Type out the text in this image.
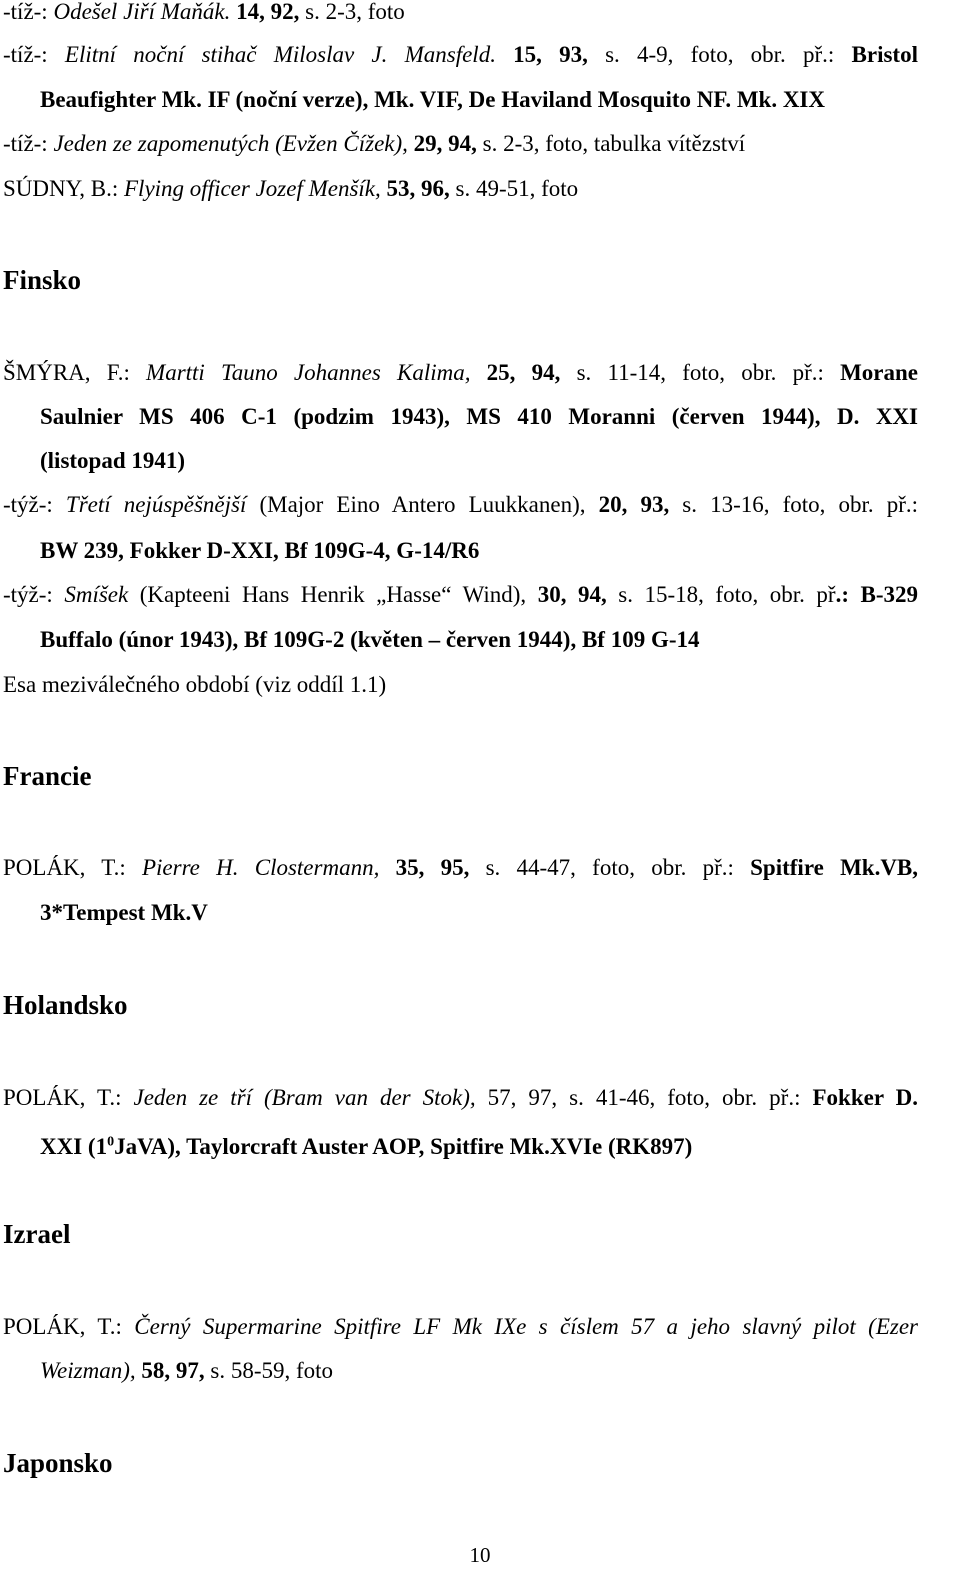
-tíž-: Odešel Jiří Maňák. 14, 92, s. 2-3, foto
-tíž-: Elitní noční stihač Miloslav J. Mansfeld. 15, 93, s. 4-9, foto, obr. př.: Bristol
Beaufighter Mk. IF (noční verze), Mk. VIF, De Haviland Mosquito NF. Mk. XIX
-tíž-: Jeden ze zapomenutých (Evžen Čížek), 29, 94, s. 2-3, foto, tabulka vítězství
SÚDNY, B.: Flying officer Jozef Menšík, 53, 96, s. 49-51, foto
Finsko
ŠMÝRA, F.: Martti Tauno Johannes Kalima, 25, 94, s. 11-14, foto, obr. př.: Morane
Saulnier MS 406 C-1 (podzim 1943), MS 410 Moranni (červen 1944), D. XXI
(listopad 1941)
-týž-: Třetí nejúspěšnější (Major Eino Antero Luukkanen), 20, 93, s. 13-16, foto, obr. př.:
BW 239, Fokker D-XXI, Bf 109G-4, G-14/R6
-týž-: Smíšek (Kapteeni Hans Henrik „Hasse“ Wind), 30, 94, s. 15-18, foto, obr. př.: B-329
Buffalo (únor 1943), Bf 109G-2 (květen – červen 1944), Bf 109 G-14
Esa meziválečného období (viz oddíl 1.1)
Francie
POLÁK, T.: Pierre H. Clostermann, 35, 95, s. 44-47, foto, obr. př.: Spitfire Mk.VB,
3*Tempest Mk.V
Holandsko
POLÁK, T.: Jeden ze tří (Bram van der Stok), 57, 97, s. 41-46, foto, obr. př.: Fokker D.
XXI $(1^0JaVA)$, Taylorcraft Auster AOP, Spitfire Mk.XVIe (RK897)
Izrael
POLÁK, T.: Černý Supermarine Spitfire LF Mk IXe s číslem 57 a jeho slavný pilot (Ezer
Weizman), 58, 97, s. 58-59, foto
Japonsko
10
